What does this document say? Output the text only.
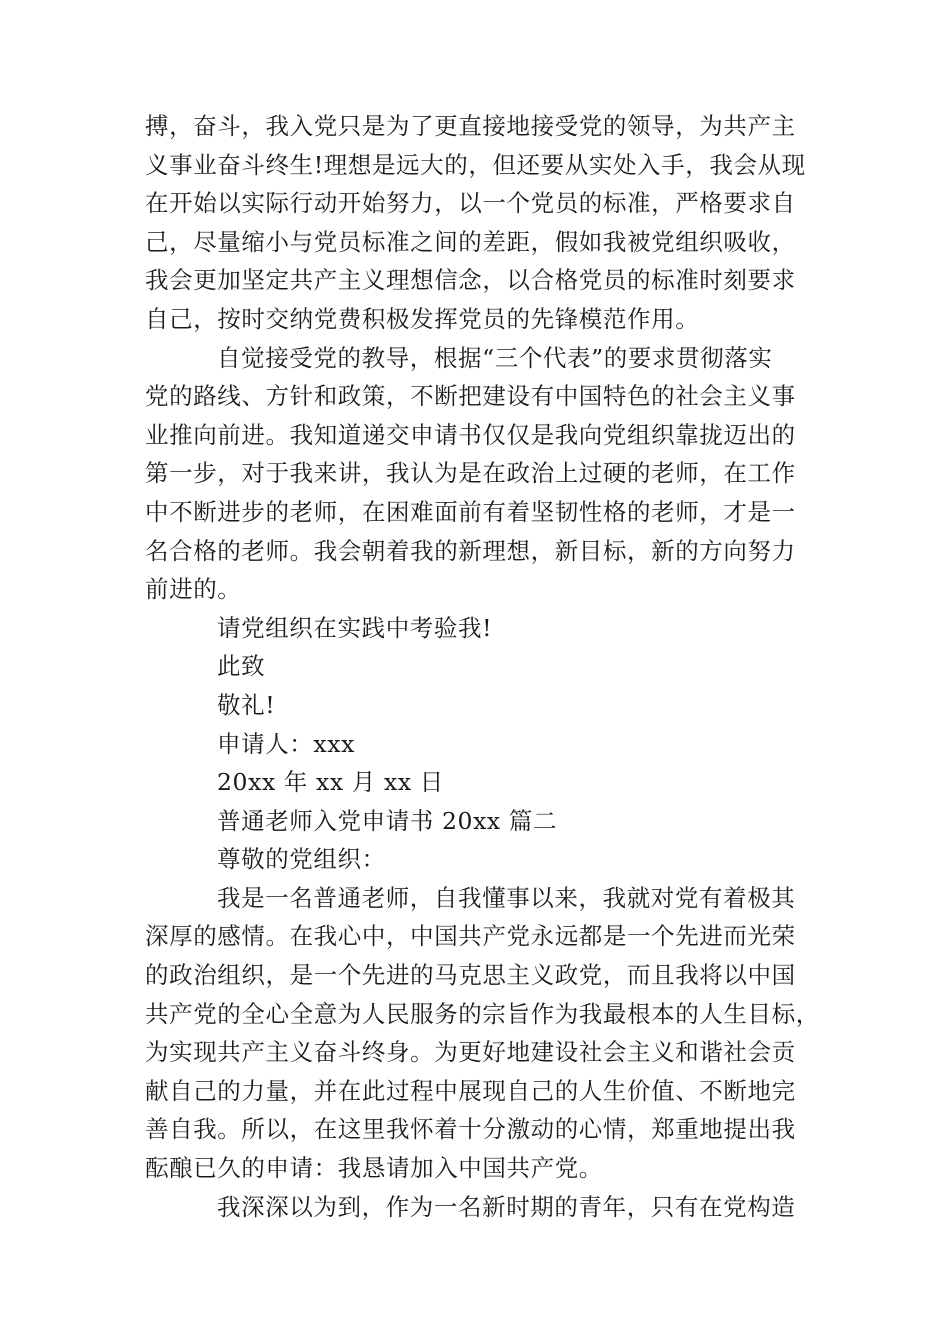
搏，奋斗，我入党只是为了更直接地接受党的领导，为共产主
义事业奋斗终生!理想是远大的，但还要从实处入手，我会从现
在开始以实际行动开始努力，以一个党员的标准，严格要求自
己，尽量缩小与党员标准之间的差距，假如我被党组织吸收，
我会更加坚定共产主义理想信念，以合格党员的标准时刻要求
自己，按时交纳党费积极发挥党员的先锋模范作用。
自觉接受党的教导，根据“三个代表”的要求贯彻落实
党的路线、方针和政策，不断把建设有中国特色的社会主义事
业推向前进。我知道递交申请书仅仅是我向党组织靠拢迈出的
第一步，对于我来讲，我认为是在政治上过硬的老师，在工作
中不断进步的老师，在困难面前有着坚韧性格的老师，才是一
名合格的老师。我会朝着我的新理想，新目标，新的方向努力
前进的。

请党组织在实践中考验我!

此致

敬礼!

申请人：xxx

20xx 年 xx 月 xx 日

普通老师入党申请书 20xx 篇二

尊敬的党组织：

我是一名普通老师，自我懂事以来，我就对党有着极其
深厚的感情。在我心中，中国共产党永远都是一个先进而光荣
的政治组织，是一个先进的马克思主义政党，而且我将以中国
共产党的全心全意为人民服务的宗旨作为我最根本的人生目标，
为实现共产主义奋斗终身。为更好地建设社会主义和谐社会贡
献自己的力量，并在此过程中展现自己的人生价值、不断地完
善自我。所以，在这里我怀着十分激动的心情，郑重地提出我
酝酿已久的申请：我恳请加入中国共产党。
我深深以为到，作为一名新时期的青年，只有在党构造
